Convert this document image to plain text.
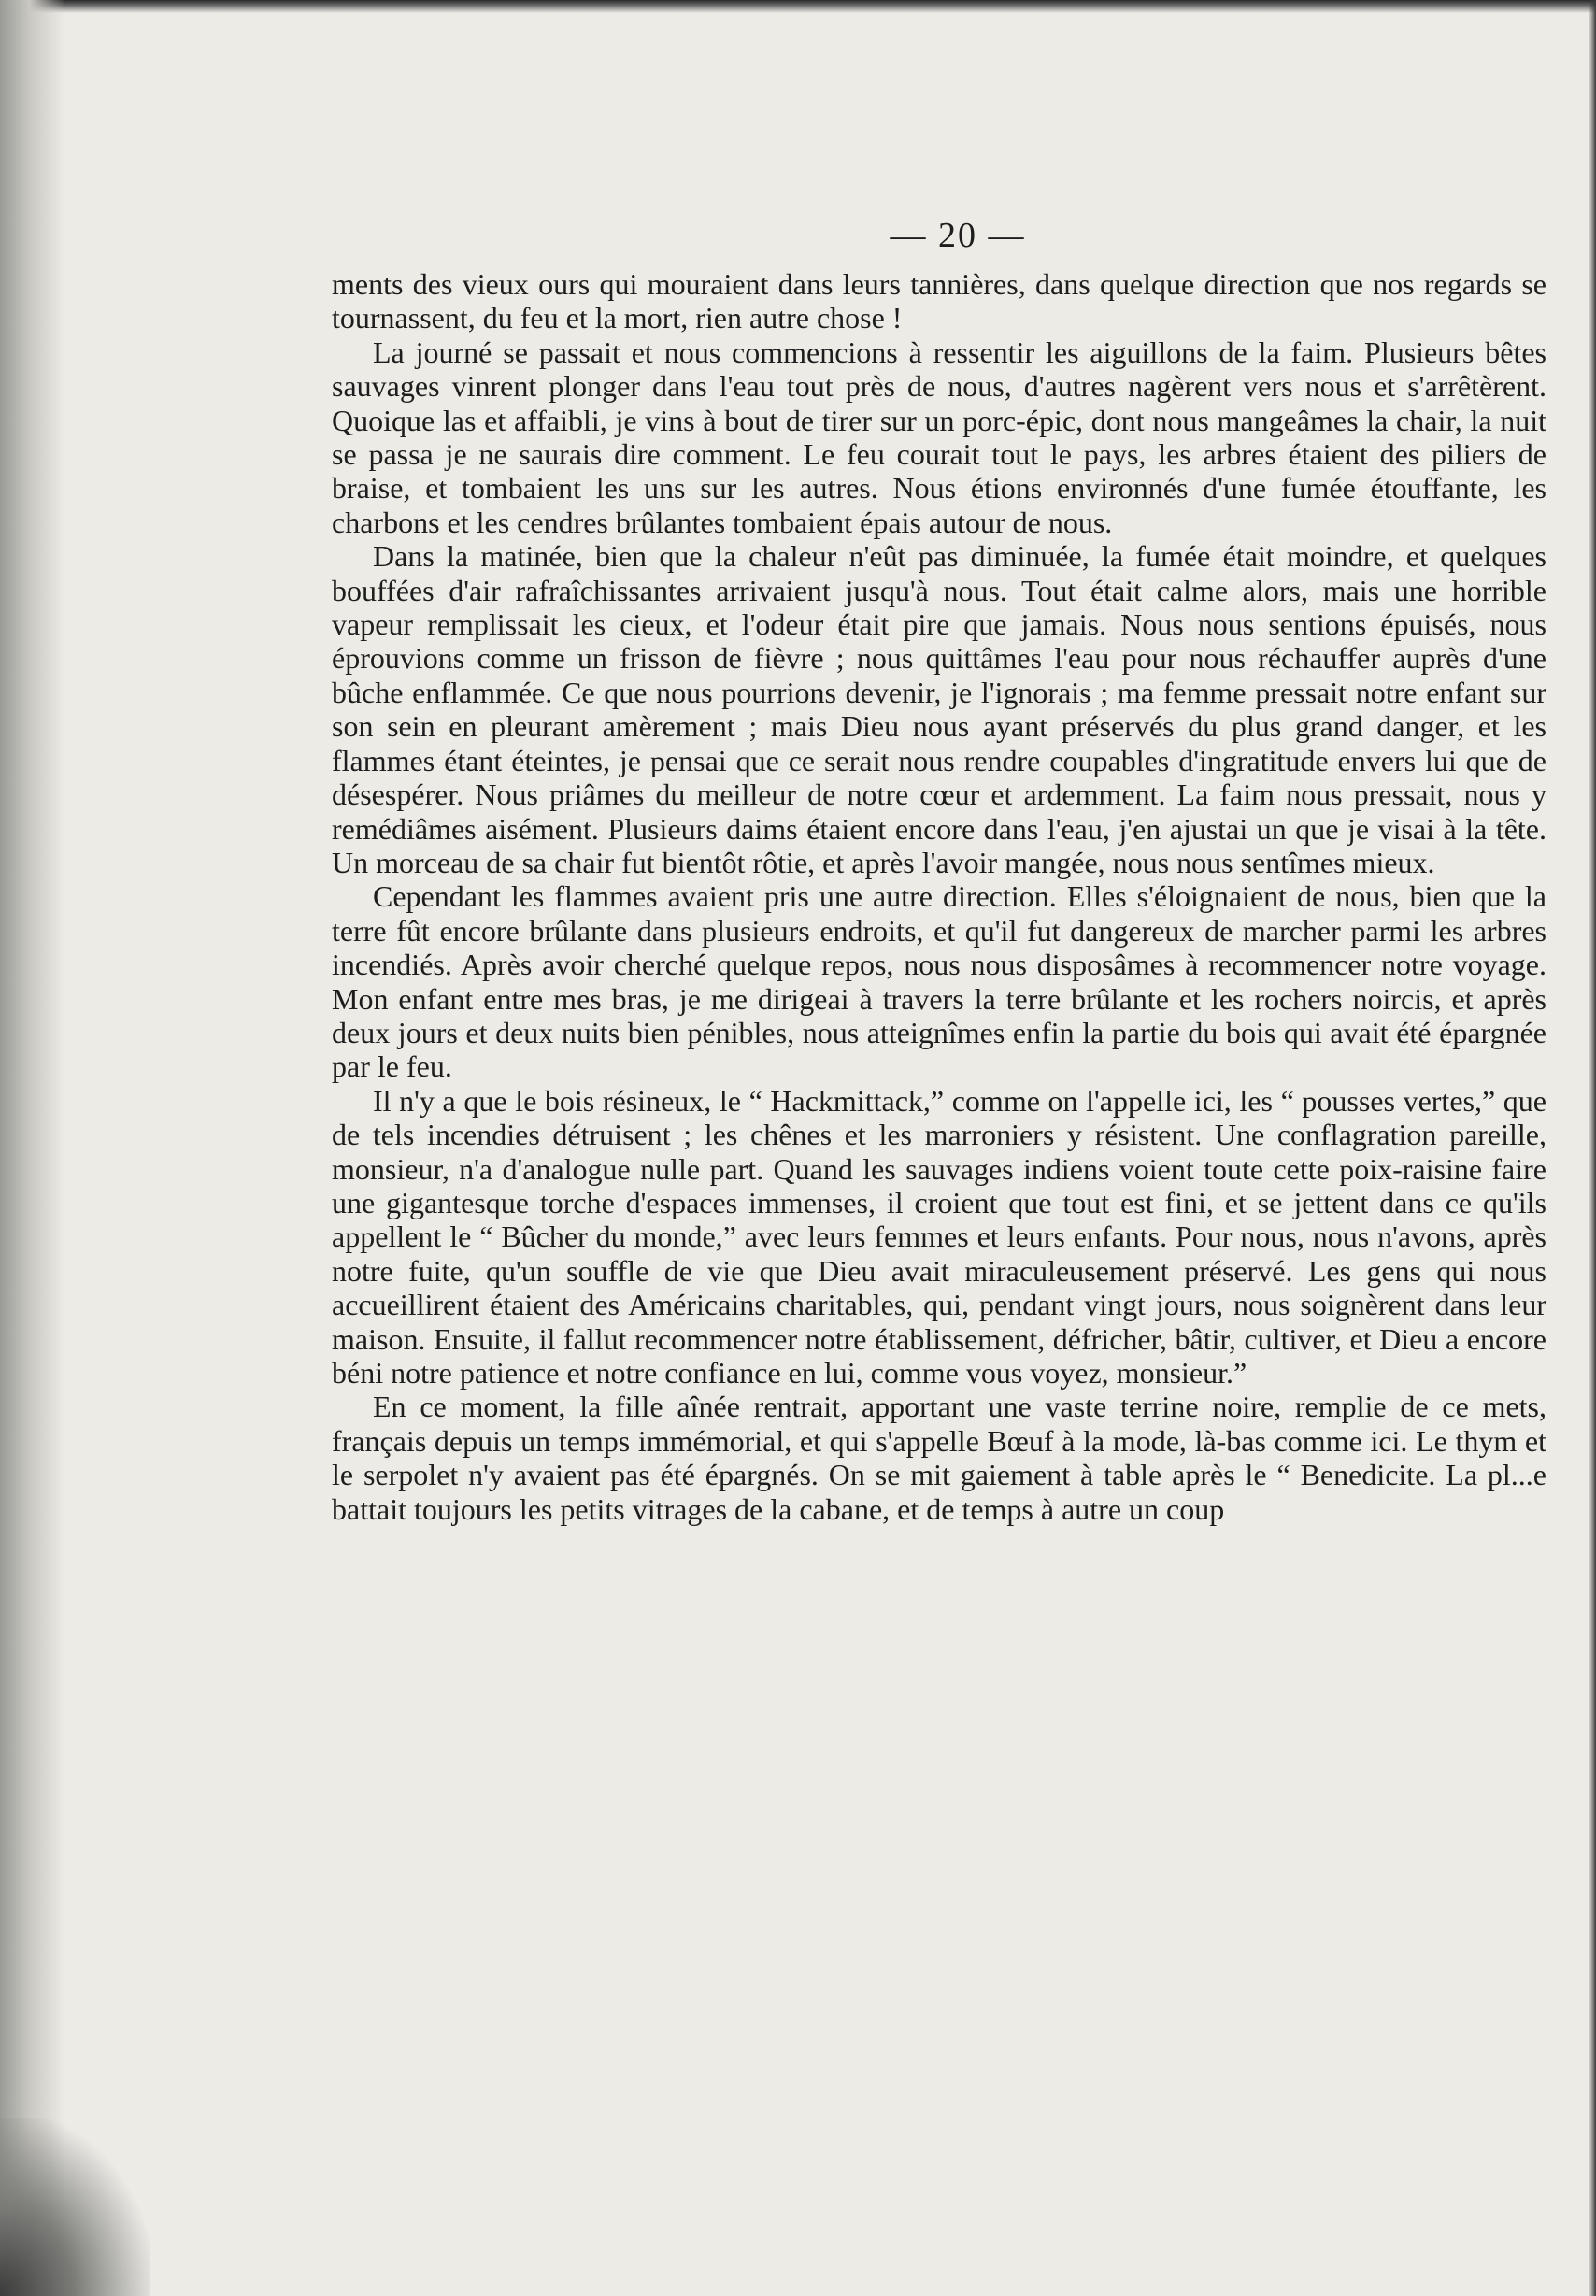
— 20 —

ments des vieux ours qui mouraient dans leurs tannières, dans quelque direction que nos regards se tournassent, du feu et la mort, rien autre chose !

La journé se passait et nous commencions à ressentir les aiguillons de la faim. Plusieurs bêtes sauvages vinrent plonger dans l'eau tout près de nous, d'autres nagèrent vers nous et s'arrêtèrent. Quoique las et affaibli, je vins à bout de tirer sur un porc-épic, dont nous mangeâmes la chair, la nuit se passa je ne saurais dire comment. Le feu courait tout le pays, les arbres étaient des piliers de braise, et tombaient les uns sur les autres. Nous étions environnés d'une fumée étouffante, les charbons et les cendres brûlantes tombaient épais autour de nous.

Dans la matinée, bien que la chaleur n'eût pas diminuée, la fumée était moindre, et quelques bouffées d'air rafraîchissantes arrivaient jusqu'à nous. Tout était calme alors, mais une horrible vapeur remplissait les cieux, et l'odeur était pire que jamais. Nous nous sentions épuisés, nous éprouvions comme un frisson de fièvre ; nous quittâmes l'eau pour nous réchauffer auprès d'une bûche enflammée. Ce que nous pourrions devenir, je l'ignorais ; ma femme pressait notre enfant sur son sein en pleurant amèrement ; mais Dieu nous ayant préservés du plus grand danger, et les flammes étant éteintes, je pensai que ce serait nous rendre coupables d'ingratitude envers lui que de désespérer. Nous priâmes du meilleur de notre cœur et ardemment. La faim nous pressait, nous y remédiâmes aisément. Plusieurs daims étaient encore dans l'eau, j'en ajustai un que je visai à la tête. Un morceau de sa chair fut bientôt rôtie, et après l'avoir mangée, nous nous sentîmes mieux.

Cependant les flammes avaient pris une autre direction. Elles s'éloignaient de nous, bien que la terre fût encore brûlante dans plusieurs endroits, et qu'il fut dangereux de marcher parmi les arbres incendiés. Après avoir cherché quelque repos, nous nous disposâmes à recommencer notre voyage. Mon enfant entre mes bras, je me dirigeai à travers la terre brûlante et les rochers noircis, et après deux jours et deux nuits bien pénibles, nous atteignîmes enfin la partie du bois qui avait été épargnée par le feu.

Il n'y a que le bois résineux, le “ Hackmittack,” comme on l'appelle ici, les “ pousses vertes,” que de tels incendies détruisent ; les chênes et les marroniers y résistent. Une conflagration pareille, monsieur, n'a d'analogue nulle part. Quand les sauvages indiens voient toute cette poix-raisine faire une gigantesque torche d'espaces immenses, il croient que tout est fini, et se jettent dans ce qu'ils appellent le “ Bûcher du monde,” avec leurs femmes et leurs enfants. Pour nous, nous n'avons, après notre fuite, qu'un souffle de vie que Dieu avait miraculeusement préservé. Les gens qui nous accueillirent étaient des Américains charitables, qui, pendant vingt jours, nous soignèrent dans leur maison. Ensuite, il fallut recommencer notre établissement, défricher, bâtir, cultiver, et Dieu a encore béni notre patience et notre confiance en lui, comme vous voyez, monsieur.”

En ce moment, la fille aînée rentrait, apportant une vaste terrine noire, remplie de ce mets, français depuis un temps immémorial, et qui s'appelle Bœuf à la mode, là-bas comme ici. Le thym et le serpolet n'y avaient pas été épargnés. On se mit gaiement à table après le “ Benedicite. La pl...e battait toujours les petits vitrages de la cabane, et de temps à autre un coup
